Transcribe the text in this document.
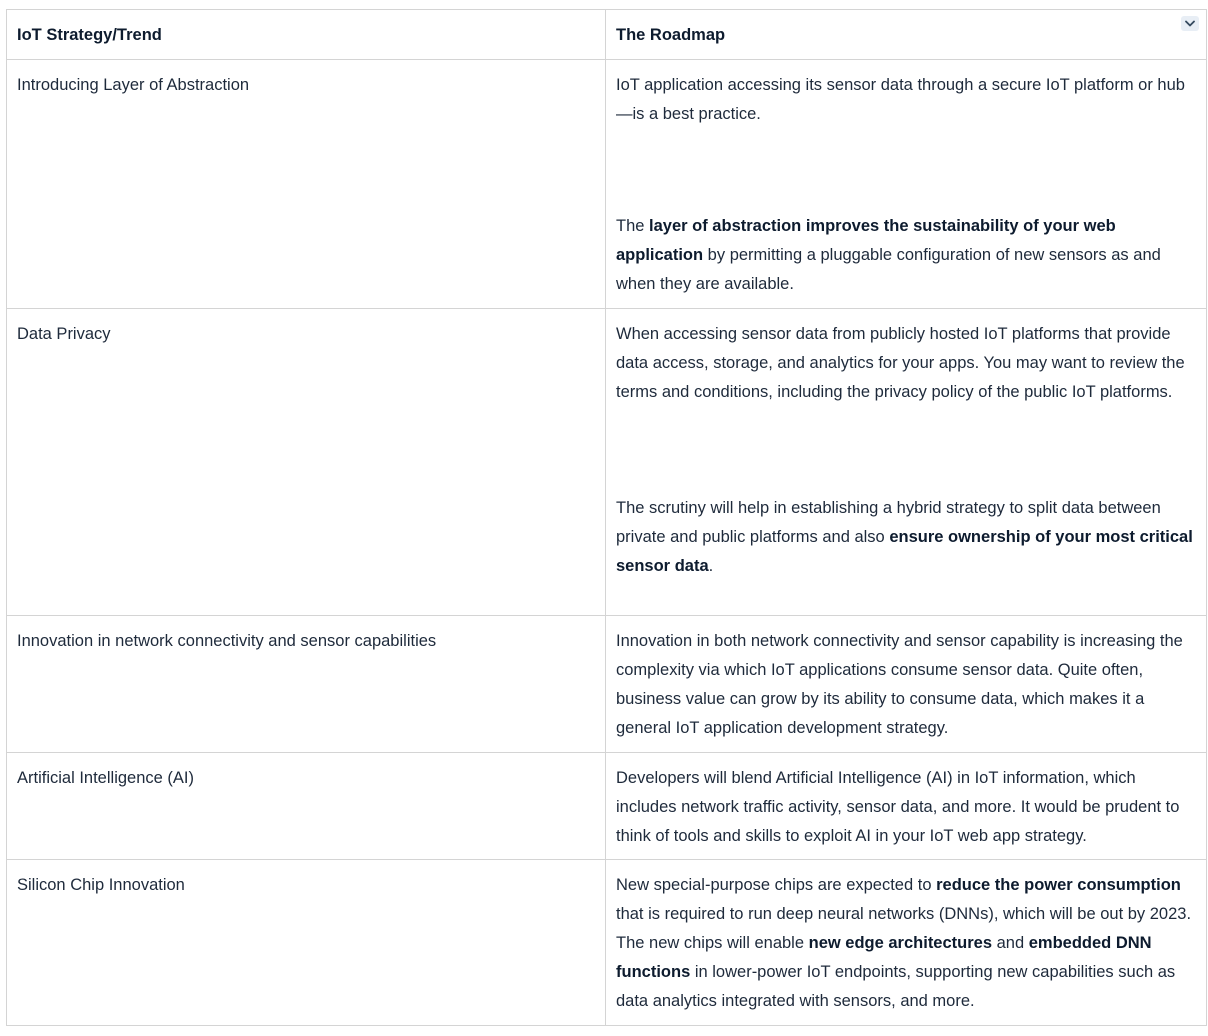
IoT Strategy/Trend	The Roadmap

Introducing Layer of Abstraction	IoT application accessing its sensor data through a secure IoT platform or hub—is a best practice.

The layer of abstraction improves the sustainability of your web application by permitting a pluggable configuration of new sensors as and when they are available.

Data Privacy	When accessing sensor data from publicly hosted IoT platforms that provide data access, storage, and analytics for your apps. You may want to review the terms and conditions, including the privacy policy of the public IoT platforms.

The scrutiny will help in establishing a hybrid strategy to split data between private and public platforms and also ensure ownership of your most critical sensor data.

Innovation in network connectivity and sensor capabilities	Innovation in both network connectivity and sensor capability is increasing the complexity via which IoT applications consume sensor data. Quite often, business value can grow by its ability to consume data, which makes it a general IoT application development strategy.

Artificial Intelligence (AI)	Developers will blend Artificial Intelligence (AI) in IoT information, which includes network traffic activity, sensor data, and more. It would be prudent to think of tools and skills to exploit AI in your IoT web app strategy.

Silicon Chip Innovation	New special-purpose chips are expected to reduce the power consumption that is required to run deep neural networks (DNNs), which will be out by 2023. The new chips will enable new edge architectures and embedded DNN functions in lower-power IoT endpoints, supporting new capabilities such as data analytics integrated with sensors, and more.
